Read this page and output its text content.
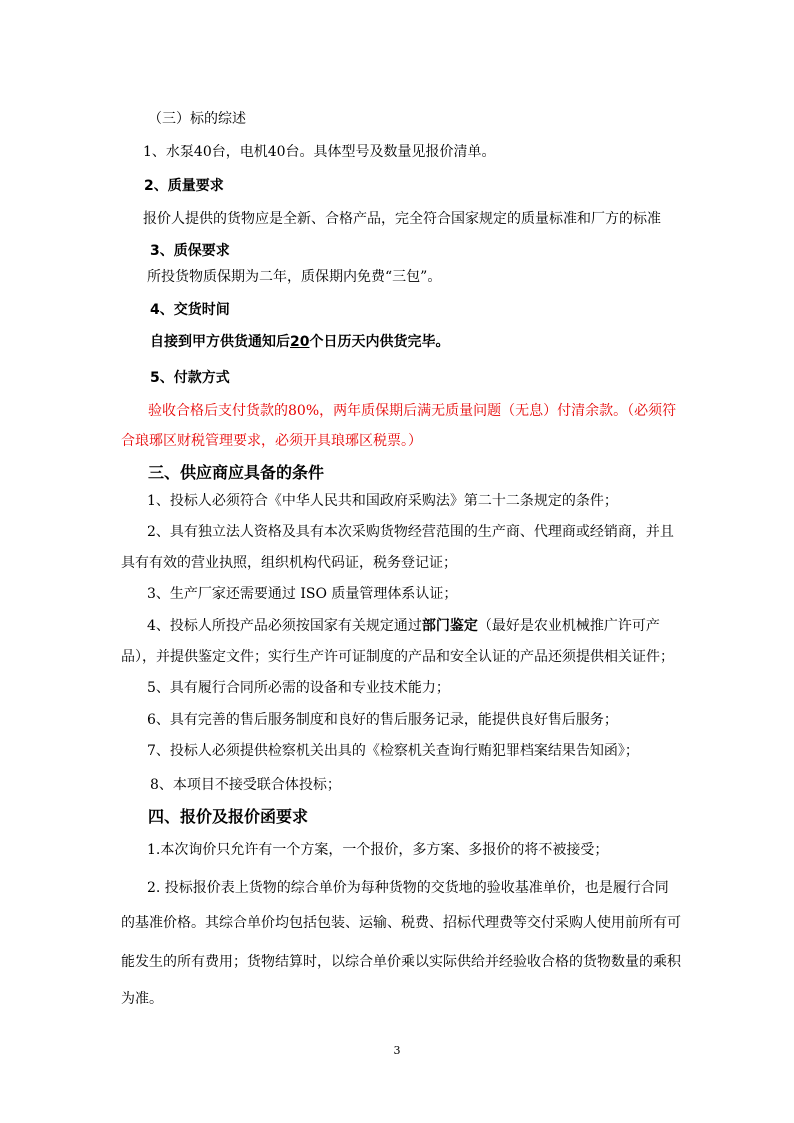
（三）标的综述
1、水泵40台，电机40台。具体型号及数量见报价清单。
2、质量要求
报价人提供的货物应是全新、合格产品，完全符合国家规定的质量标准和厂方的标准
3、质保要求
所投货物质保期为二年，质保期内免费“三包”。
4、交货时间
自接到甲方供货通知后20个日历天内供货完毕。
5、付款方式
验收合格后支付货款的80%，两年质保期后满无质量问题（无息）付清余款。（必须符
合琅琊区财税管理要求，必须开具琅琊区税票。）
三、供应商应具备的条件
1、投标人必须符合《中华人民共和国政府采购法》第二十二条规定的条件；
2、具有独立法人资格及具有本次采购货物经营范围的生产商、代理商或经销商，并且
具有有效的营业执照，组织机构代码证，税务登记证；
3、生产厂家还需要通过 ISO 质量管理体系认证；
4、投标人所投产品必须按国家有关规定通过部门鉴定（最好是农业机械推广许可产
品），并提供鉴定文件；实行生产许可证制度的产品和安全认证的产品还须提供相关证件；
5、具有履行合同所必需的设备和专业技术能力；
6、具有完善的售后服务制度和良好的售后服务记录，能提供良好售后服务；
7、投标人必须提供检察机关出具的《检察机关查询行贿犯罪档案结果告知函》；
8、本项目不接受联合体投标；
四、报价及报价函要求
1.本次询价只允许有一个方案，一个报价，多方案、多报价的将不被接受；
2. 投标报价表上货物的综合单价为每种货物的交货地的验收基准单价，也是履行合同
的基准价格。其综合单价均包括包装、运输、税费、招标代理费等交付采购人使用前所有可
能发生的所有费用；货物结算时，以综合单价乘以实际供给并经验收合格的货物数量的乘积
为准。
3
